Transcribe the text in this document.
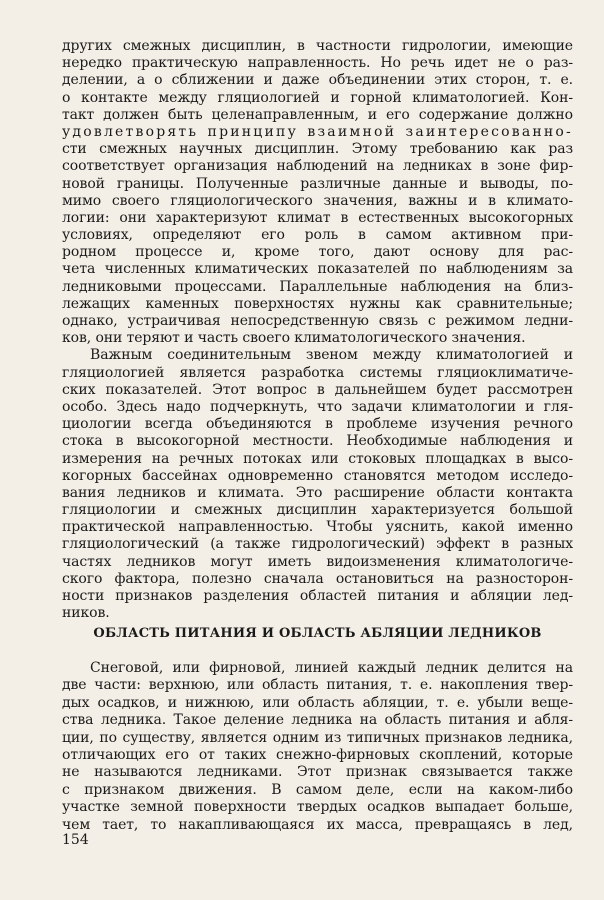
других смежных дисциплин, в частности гидрологии, имеющие
нередко практическую направленность. Но речь идет не о раз-
делении, а о сближении и даже объединении этих сторон, т. е.
о контакте между гляциологией и горной климатологией. Кон-
такт должен быть целенаправленным, и его содержание должно
удовлетворять принципу взаимной заинтересованно-
сти смежных научных дисциплин. Этому требованию как раз
соответствует организация наблюдений на ледниках в зоне фир-
новой границы. Полученные различные данные и выводы, по-
мимо своего гляциологического значения, важны и в климато-
логии: они характеризуют климат в естественных высокогорных
условиях, определяют его роль в самом активном при-
родном процессе и, кроме того, дают основу для рас-
чета численных климатических показателей по наблюдениям за
ледниковыми процессами. Параллельные наблюдения на близ-
лежащих каменных поверхностях нужны как сравнительные;
однако, устраичивая непосредственную связь с режимом ледни-
ков, они теряют и часть своего климатологического значения.
Важным соединительным звеном между климатологией и
гляциологией является разработка системы гляциоклиматиче-
ских показателей. Этот вопрос в дальнейшем будет рассмотрен
особо. Здесь надо подчеркнуть, что задачи климатологии и гля-
циологии всегда объединяются в проблеме изучения речного
стока в высокогорной местности. Необходимые наблюдения и
измерения на речных потоках или стоковых площадках в высо-
когорных бассейнах одновременно становятся методом исследо-
вания ледников и климата. Это расширение области контакта
гляциологии и смежных дисциплин характеризуется большой
практической направленностью. Чтобы уяснить, какой именно
гляциологический (а также гидрологический) эффект в разных
частях ледников могут иметь видоизменения климатологиче-
ского фактора, полезно сначала остановиться на разносторон-
ности признаков разделения областей питания и абляции лед-
ников.
ОБЛАСТЬ ПИТАНИЯ И ОБЛАСТЬ АБЛЯЦИИ ЛЕДНИКОВ
Снеговой, или фирновой, линией каждый ледник делится на
две части: верхнюю, или область питания, т. е. накопления твер-
дых осадков, и нижнюю, или область абляции, т. е. убыли веще-
ства ледника. Такое деление ледника на область питания и абля-
ции, по существу, является одним из типичных признаков ледника,
отличающих его от таких снежно-фирновых скоплений, которые
не называются ледниками. Этот признак связывается также
с признаком движения. В самом деле, если на каком-либо
участке земной поверхности твердых осадков выпадает больше,
чем тает, то накапливающаяся их масса, превращаясь в лед,
154
